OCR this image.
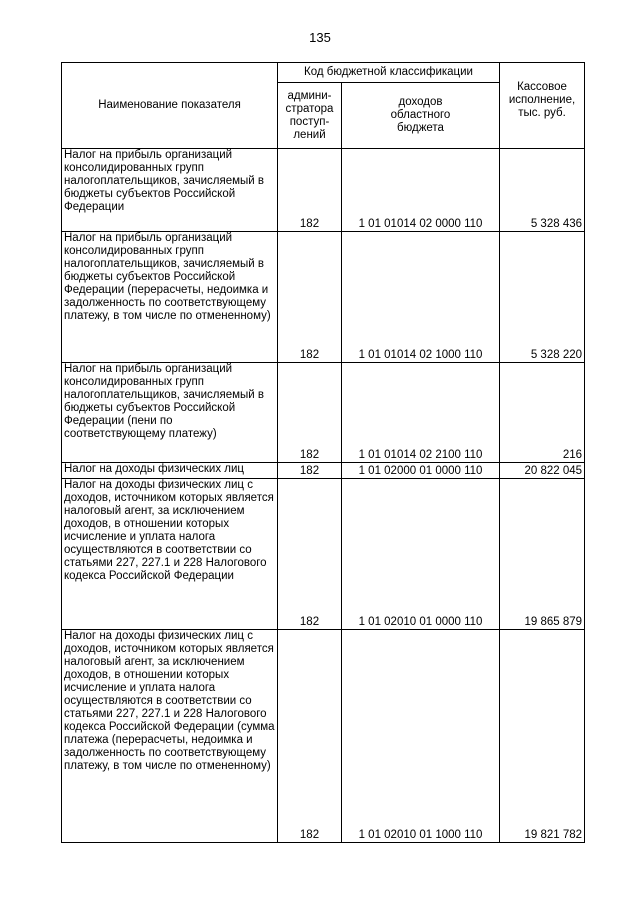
135
Наименование показателя	Код бюджетной классификации		Кассовое
исполнение,
тыс. руб.
	админи-
стратора
поступ-
лений	доходов
областного
бюджета	

Налог на прибыль организаций консолидированных групп налогоплательщиков, зачисляемый в бюджеты субъектов Российской Федерации	182	1 01 01014 02 0000 110	5 328 436

Налог на прибыль организаций консолидированных групп налогоплательщиков, зачисляемый в бюджеты субъектов Российской Федерации (перерасчеты, недоимка и задолженность по соответствующему платежу, в том числе по отмененному)	182	1 01 01014 02 1000 110	5 328 220

Налог на прибыль организаций консолидированных групп налогоплательщиков, зачисляемый в бюджеты субъектов Российской Федерации (пени по соответствующему платежу)	182	1 01 01014 02 2100 110	216

Налог на доходы физических лиц	182	1 01 02000 01 0000 110	20 822 045

Налог на доходы физических лиц с доходов, источником которых является налоговый агент, за исключением доходов, в отношении которых исчисление и уплата налога осуществляются в соответствии со статьями 227, 227.1 и 228 Налогового кодекса Российской Федерации	182	1 01 02010 01 0000 110	19 865 879

Налог на доходы физических лиц с доходов, источником которых является налоговый агент, за исключением доходов, в отношении которых исчисление и уплата налога осуществляются в соответствии со статьями 227, 227.1 и 228 Налогового кодекса Российской Федерации (сумма платежа (перерасчеты, недоимка и задолженность по соответствующему платежу, в том числе по отмененному)	182	1 01 02010 01 1000 110	19 821 782
